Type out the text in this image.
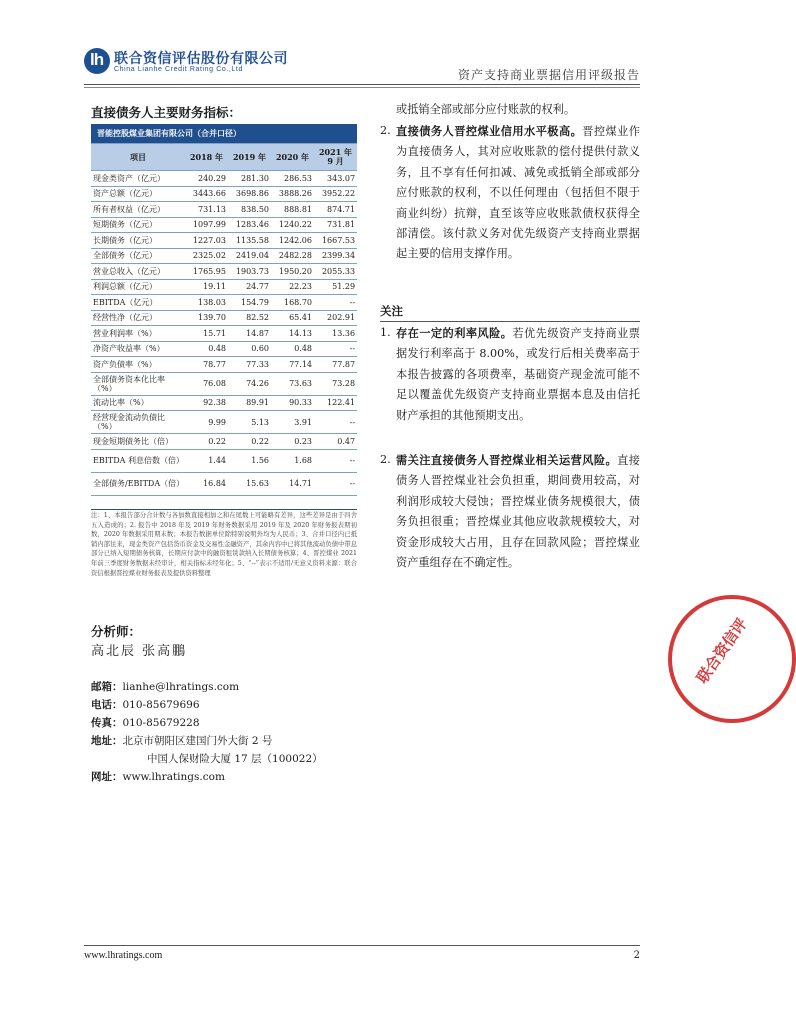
lh 联合资信评估股份有限公司
China Lianhe Credit Rating Co.,Ltd	资产支持商业票据信用评级报告
直接债务人主要财务指标：
晋能控股煤业集团有限公司（合并口径）				
项目	2018 年	2019 年	2020 年	2021 年 9 月
现金类资产（亿元）	240.29	281.30	286.53	343.07
资产总额（亿元）	3443.66	3698.86	3888.26	3952.22
所有者权益（亿元）	731.13	838.50	888.81	874.71
短期债务（亿元）	1097.99	1283.46	1240.22	731.81
长期债务（亿元）	1227.03	1135.58	1242.06	1667.53
全部债务（亿元）	2325.02	2419.04	2482.28	2399.34
营业总收入（亿元）	1765.95	1903.73	1950.20	2055.33
利润总额（亿元）	19.11	24.77	22.23	51.29
EBITDA（亿元）	138.03	154.79	168.70	--
经营性净（亿元）	139.70	82.52	65.41	202.91
营业利润率（%）	15.71	14.87	14.13	13.36
净资产收益率（%）	0.48	0.60	0.48	--
资产负债率（%）	78.77	77.33	77.14	77.87
全部债务资本化比率（%）	76.08	74.26	73.63	73.28
流动比率（%）	92.38	89.91	90.33	122.41
经营现金流动负债比（%）	9.99	5.13	3.91	--
现金短期债务比（倍）	0.22	0.22	0.23	0.47
EBITDA 利息倍数（倍）	1.44	1.56	1.68	--
全部债务/EBITDA（倍）	16.84	15.63	14.71	--
注：1、本报告部分合计数与各加数直接相加之和在尾数上可能略有差异，这些差异是由于四舍五入造成的；2. 报告中 2018 年及 2019 年财务数据采用 2019 年及 2020 年财务报表期初数，2020 年数据采用期末数；本报告数据单位除特别说明外均为人民币；3、合并口径内已抵销内部往来，现金类资产包括货币资金及交易性金融资产，其余内容中已将其他流动负债中带息部分已纳入短期债务核算，长期应付款中的融资租赁款纳入长期债务核算；4、晋控煤业 2021 年前三季度财务数据未经审计，相关指标未经年化；5、“--”表示不适用/无意义资料来源：联合资信根据晋控煤业财务报表及提供资料整理
分析师：
高北辰 张高鵬
邮箱：lianhe@lhratings.com
电话：010-85679696
传真：010-85679228
地址：北京市朝阳区建国门外大街 2 号
中国人保财险大厦 17 层（100022）
网址：www.lhratings.com
或抵销全部或部分应付账款的权利。
2. 直接债务人晋控煤业信用水平极高。晋控煤业作为直接债务人，其对应收账款的偿付提供付款义务，且不享有任何扣减、减免或抵销全部或部分应付账款的权利，不以任何理由（包括但不限于商业纠纷）抗辩，直至该等应收账款债权获得全部清偿。该付款义务对优先级资产支持商业票据起主要的信用支撑作用。
关注
1. 存在一定的利率风险。若优先级资产支持商业票据发行利率高于 8.00%，或发行后相关费率高于本报告披露的各项费率，基础资产现金流可能不足以覆盖优先级资产支持商业票据本息及由信托财产承担的其他预期支出。
2. 需关注直接债务人晋控煤业相关运营风险。直接债务人晋控煤业社会负担重，期间费用较高，对利润形成较大侵蚀；晋控煤业债务规模很大，债务负担很重；晋控煤业其他应收款规模较大，对资金形成较大占用，且存在回款风险；晋控煤业资产重组存在不确定性。
联合资信评
www.lhratings.com	2
